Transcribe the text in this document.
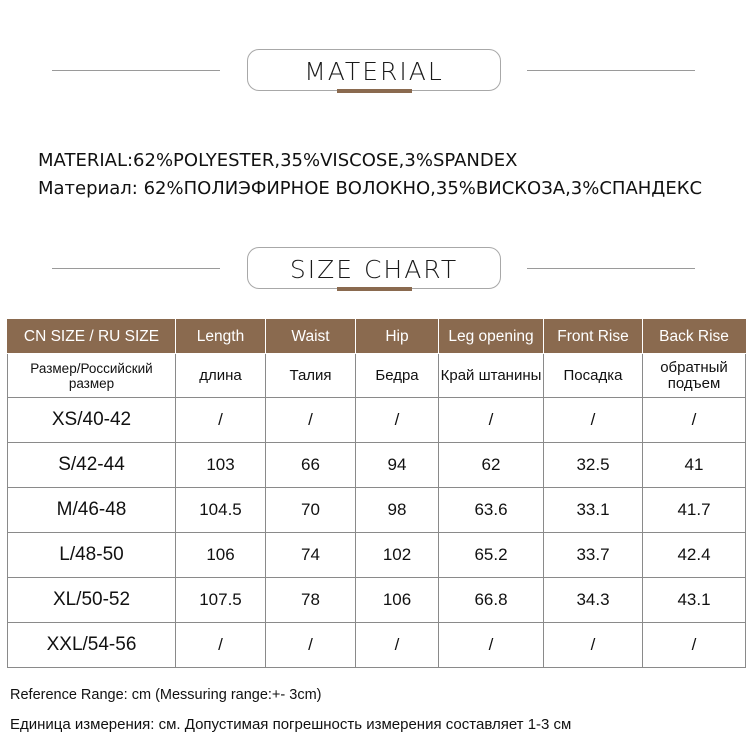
MATERIAL
MATERIAL:62%POLYESTER,35%VISCOSE,3%SPANDEX
Материал: 62%ПОЛИЭФИРНОЕ ВОЛОКНО,35%ВИСКОЗА,3%СПАНДЕКС
SIZE CHART
CN SIZE / RU SIZE	Length	Waist	Hip	Leg opening	Front Rise	Back Rise
Размер/Российский размер	длина	Талия	Бедра	Край штанины	Посадка	обратный подъем
XS/40-42	/	/	/	/	/	/
S/42-44	103	66	94	62	32.5	41
M/46-48	104.5	70	98	63.6	33.1	41.7
L/48-50	106	74	102	65.2	33.7	42.4
XL/50-52	107.5	78	106	66.8	34.3	43.1
XXL/54-56	/	/	/	/	/	/
Reference Range: cm (Messuring range:+- 3cm)
Единица измерения: см. Допустимая погрешность измерения составляет 1-3 см
